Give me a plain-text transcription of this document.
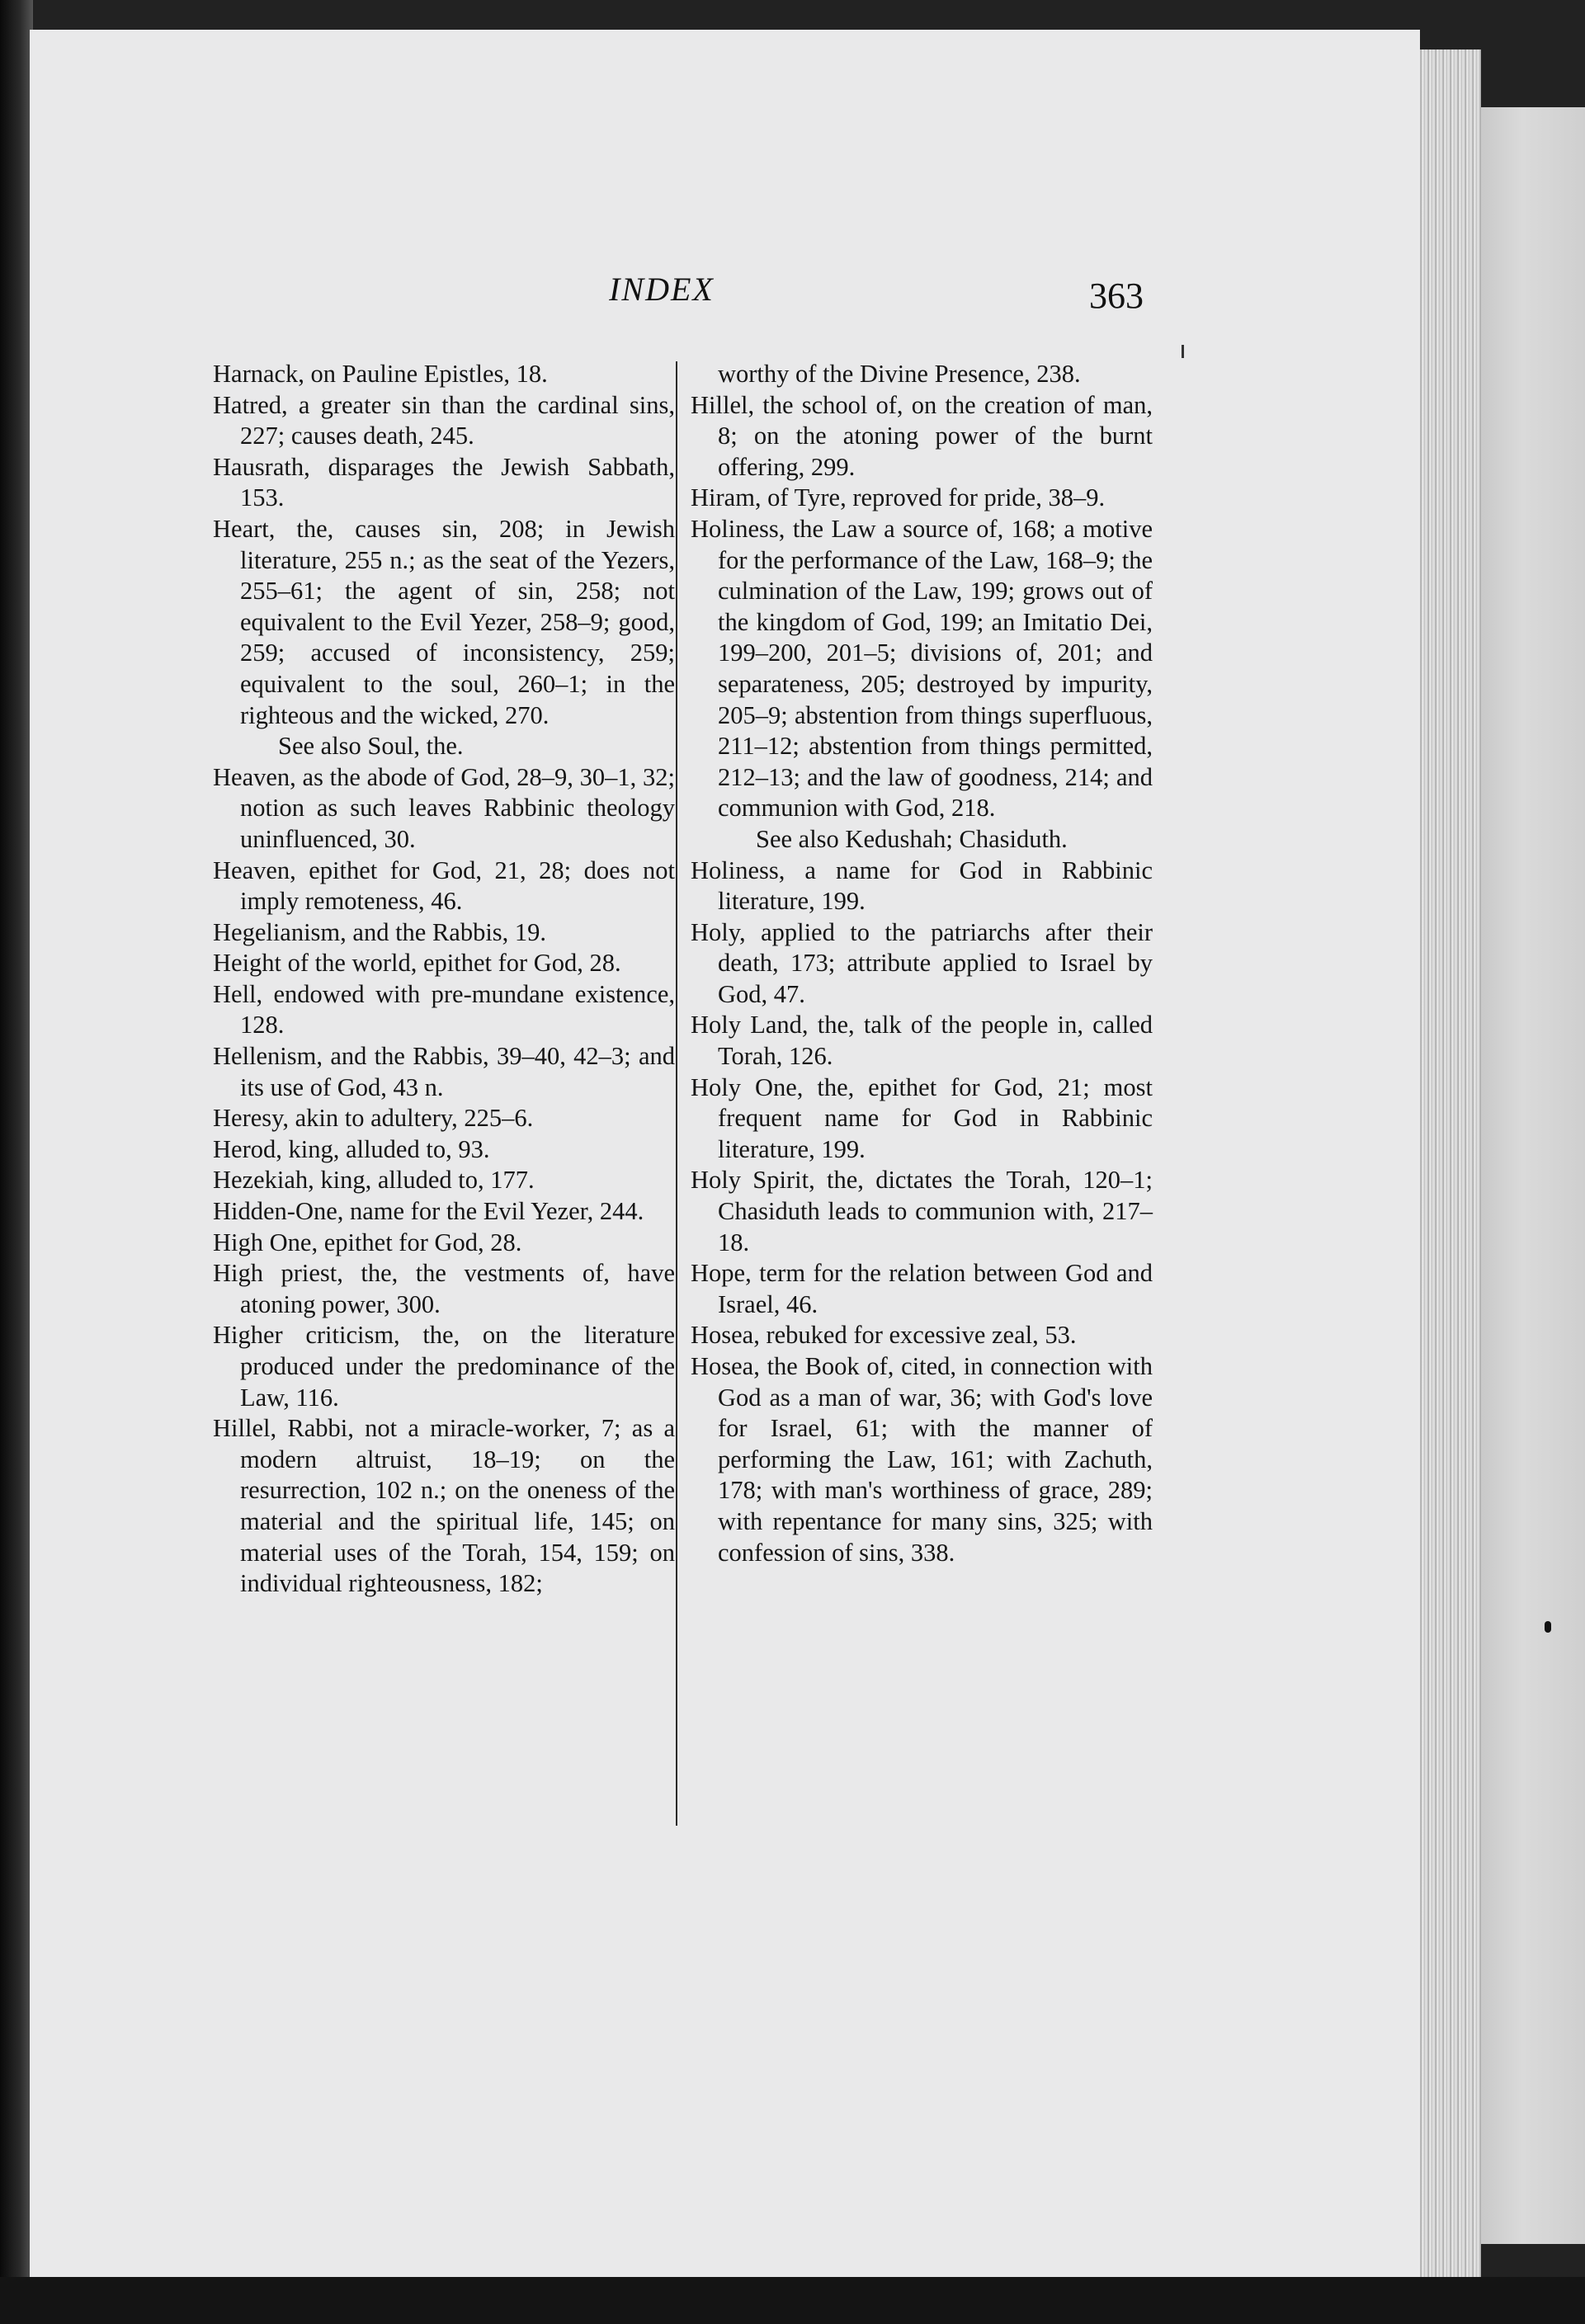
INDEX	363
Harnack, on Pauline Epistles, 18.
Hatred, a greater sin than the cardinal sins, 227; causes death, 245.
Hausrath, disparages the Jewish Sabbath, 153.
Heart, the, causes sin, 208; in Jewish literature, 255 n.; as the seat of the Yezers, 255–61; the agent of sin, 258; not equivalent to the Evil Yezer, 258–9; good, 259; accused of inconsistency, 259; equivalent to the soul, 260–1; in the righteous and the wicked, 270.
See also Soul, the.
Heaven, as the abode of God, 28–9, 30–1, 32; notion as such leaves Rabbinic theology uninfluenced, 30.
Heaven, epithet for God, 21, 28; does not imply remoteness, 46.
Hegelianism, and the Rabbis, 19.
Height of the world, epithet for God, 28.
Hell, endowed with pre-mundane existence, 128.
Hellenism, and the Rabbis, 39–40, 42–3; and its use of God, 43 n.
Heresy, akin to adultery, 225–6.
Herod, king, alluded to, 93.
Hezekiah, king, alluded to, 177.
Hidden-One, name for the Evil Yezer, 244.
High One, epithet for God, 28.
High priest, the, the vestments of, have atoning power, 300.
Higher criticism, the, on the literature produced under the predominance of the Law, 116.
Hillel, Rabbi, not a miracle-worker, 7; as a modern altruist, 18–19; on the resurrection, 102 n.; on the oneness of the material and the spiritual life, 145; on material uses of the Torah, 154, 159; on individual righteousness, 182;
worthy of the Divine Presence, 238.
Hillel, the school of, on the creation of man, 8; on the atoning power of the burnt offering, 299.
Hiram, of Tyre, reproved for pride, 38–9.
Holiness, the Law a source of, 168; a motive for the performance of the Law, 168–9; the culmination of the Law, 199; grows out of the kingdom of God, 199; an Imitatio Dei, 199–200, 201–5; divisions of, 201; and separateness, 205; destroyed by impurity, 205–9; abstention from things superfluous, 211–12; abstention from things permitted, 212–13; and the law of goodness, 214; and communion with God, 218.
See also Kedushah; Chasiduth.
Holiness, a name for God in Rabbinic literature, 199.
Holy, applied to the patriarchs after their death, 173; attribute applied to Israel by God, 47.
Holy Land, the, talk of the people in, called Torah, 126.
Holy One, the, epithet for God, 21; most frequent name for God in Rabbinic literature, 199.
Holy Spirit, the, dictates the Torah, 120–1; Chasiduth leads to communion with, 217–18.
Hope, term for the relation between God and Israel, 46.
Hosea, rebuked for excessive zeal, 53.
Hosea, the Book of, cited, in connection with God as a man of war, 36; with God's love for Israel, 61; with the manner of performing the Law, 161; with Zachuth, 178; with man's worthiness of grace, 289; with repentance for many sins, 325; with confession of sins, 338.
